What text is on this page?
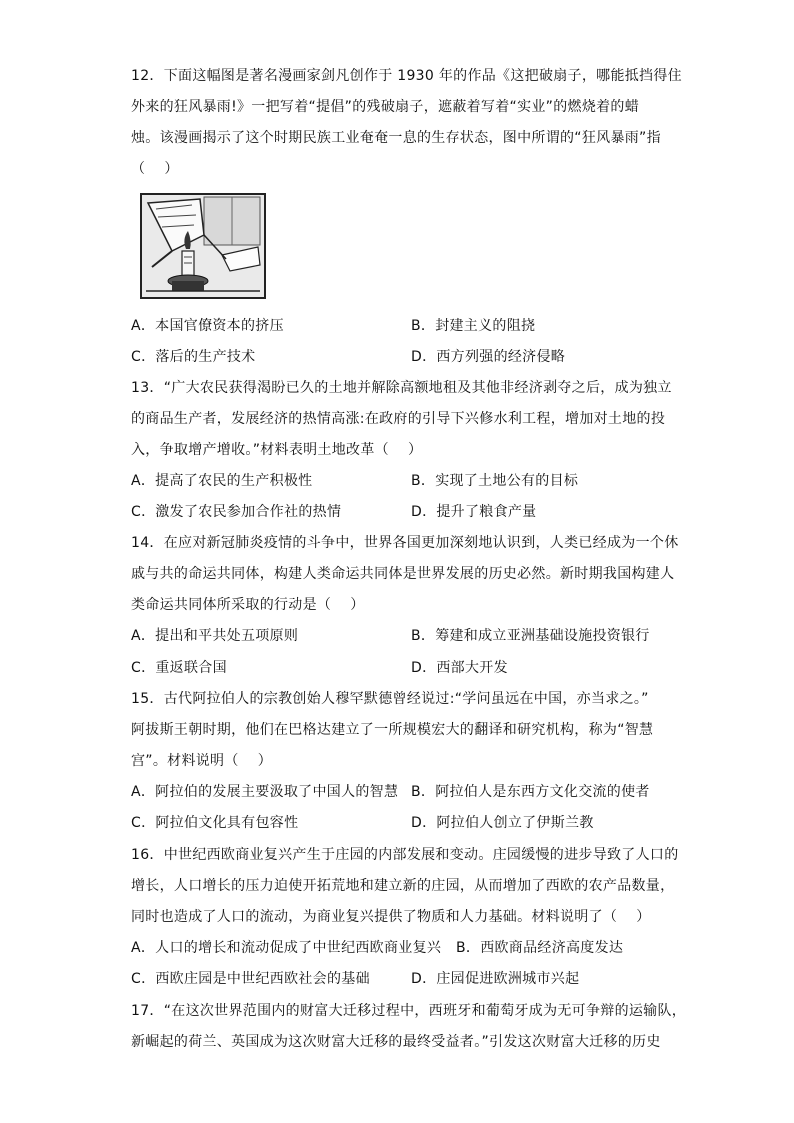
12．下面这幅图是著名漫画家剑凡创作于 1930 年的作品《这把破扇子，哪能抵挡得住
外来的狂风暴雨!》一把写着“提倡”的残破扇子，遮蔽着写着“实业”的燃烧着的蜡
烛。该漫画揭示了这个时期民族工业奄奄一息的生存状态，图中所谓的“狂风暴雨”指
（　 ）
A．本国官僚资本的挤压	B．封建主义的阻挠
C．落后的生产技术	D．西方列强的经济侵略
13．“广大农民获得渴盼已久的土地并解除高额地租及其他非经济剥夺之后，成为独立
的商品生产者，发展经济的热情高涨:在政府的引导下兴修水利工程，增加对土地的投
入，争取增产增收。”材料表明土地改革（　 ）
A．提高了农民的生产积极性	B．实现了土地公有的目标
C．激发了农民参加合作社的热情	D．提升了粮食产量
14．在应对新冠肺炎疫情的斗争中，世界各国更加深刻地认识到，人类已经成为一个休
戚与共的命运共同体，构建人类命运共同体是世界发展的历史必然。新时期我国构建人
类命运共同体所采取的行动是（　 ）
A．提出和平共处五项原则	B．筹建和成立亚洲基础设施投资银行
C．重返联合国	D．西部大开发
15．古代阿拉伯人的宗教创始人穆罕默德曾经说过:“学问虽远在中国，亦当求之。”
阿拔斯王朝时期，他们在巴格达建立了一所规模宏大的翻译和研究机构，称为“智慧
宫”。材料说明（　 ）
A．阿拉伯的发展主要汲取了中国人的智慧 B．阿拉伯人是东西方文化交流的使者
C．阿拉伯文化具有包容性	D．阿拉伯人创立了伊斯兰教
16．中世纪西欧商业复兴产生于庄园的内部发展和变动。庄园缓慢的进步导致了人口的
增长，人口增长的压力迫使开拓荒地和建立新的庄园，从而增加了西欧的农产品数量，
同时也造成了人口的流动，为商业复兴提供了物质和人力基础。材料说明了（　 ）
A．人口的增长和流动促成了中世纪西欧商业复兴 B．西欧商品经济高度发达
C．西欧庄园是中世纪西欧社会的基础	D．庄园促进欧洲城市兴起
17．“在这次世界范围内的财富大迁移过程中，西班牙和葡萄牙成为无可争辩的运输队，
新崛起的荷兰、英国成为这次财富大迁移的最终受益者。”引发这次财富大迁移的历史
